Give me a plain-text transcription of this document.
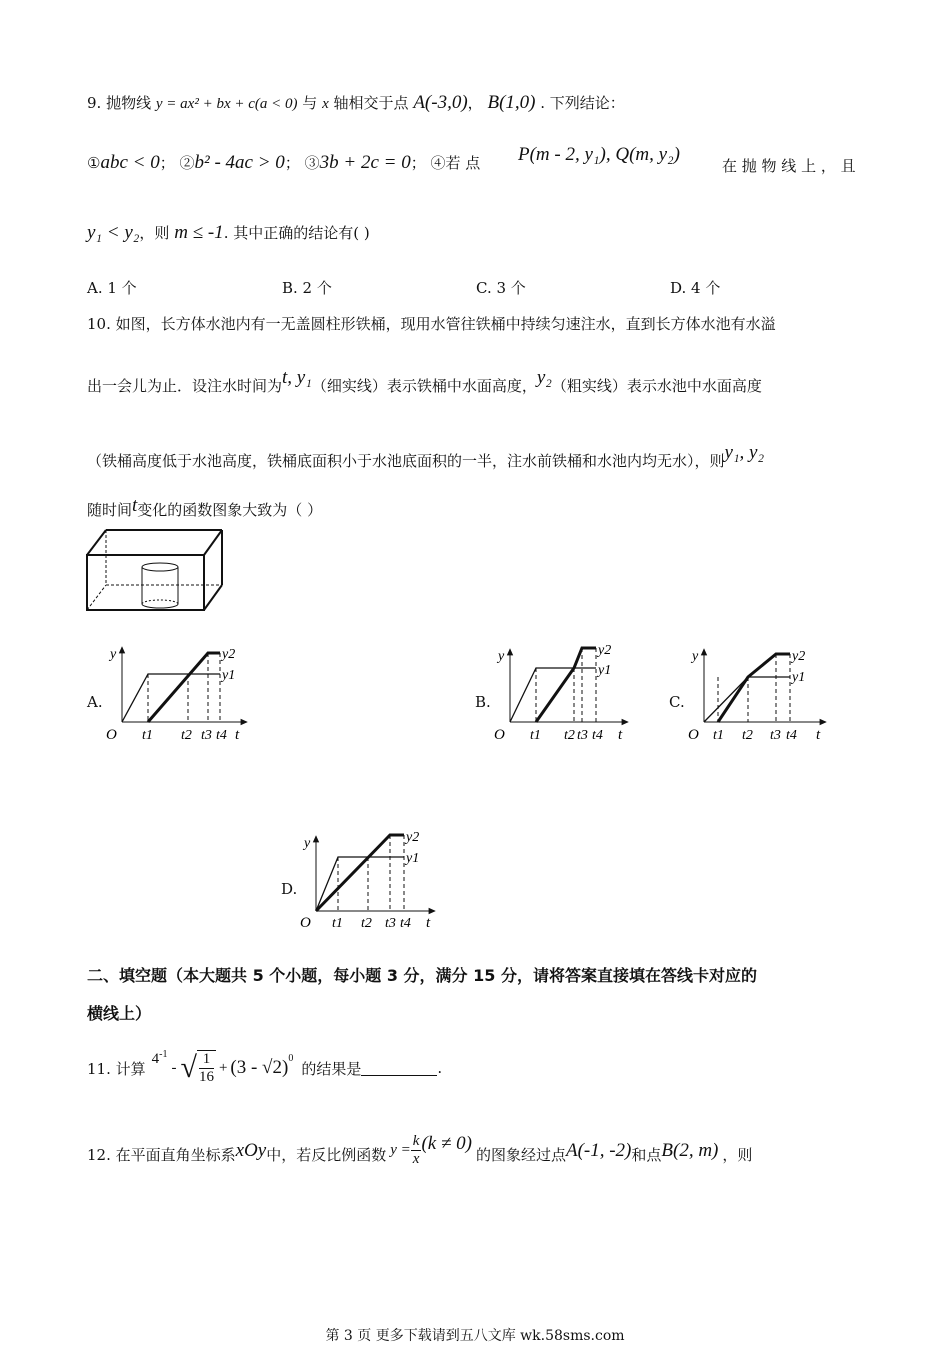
9. 抛物线 y = ax² + bx + c(a < 0) 与 x 轴相交于点 A(-3,0)， B(1,0) . 下列结论：
①abc < 0； ②b² - 4ac > 0； ③3b + 2c = 0； ④若 点 P(m - 2, y₁), Q(m, y₂)
在 抛 物 线 上 ， 且
y₁ < y₂，则 m ≤ -1. 其中正确的结论有( )
A. 1 个	B. 2 个	C. 3 个	D. 4 个
10. 如图，长方体水池内有一无盖圆柱形铁桶，现用水管往铁桶中持续匀速注水，直到长方体水池有水溢
出一会儿为止．设注水时间为t, y₁（细实线）表示铁桶中水面高度，y₂（粗实线）表示水池中水面高度
（铁桶高度低于水池高度，铁桶底面积小于水池底面积的一半，注水前铁桶和水池内均无水），则y₁, y₂
随时间t变化的函数图象大致为（ ）
A.	B.	C.
D.
y
O	t
y2
y1
t1 t2 t3 t4
y
O	t
y2
y1
t1 t2 t3 t4
y
O	t
y2
y1
t1 t2 t3 t4
y
O	t
y2
y1
t1 t2 t3 t4
二、填空题（本大题共 5 个小题，每小题 3 分，满分 15 分，请将答案直接填在答线卡对应的
横线上）
11. 计算
$4^{-1}$
- √ $\frac{1}{16} + (3 - √2)^0$
的结果是	.
12. 在平面直角坐标系 xOy 中，若反比例函数 $y = \frac{k}{x} (k \ne 0)$
的图象经过点 A(-1, -2) 和点 B(2, m) ，则
第 3 页 更多下载请到五八文库 wk.58sms.com
